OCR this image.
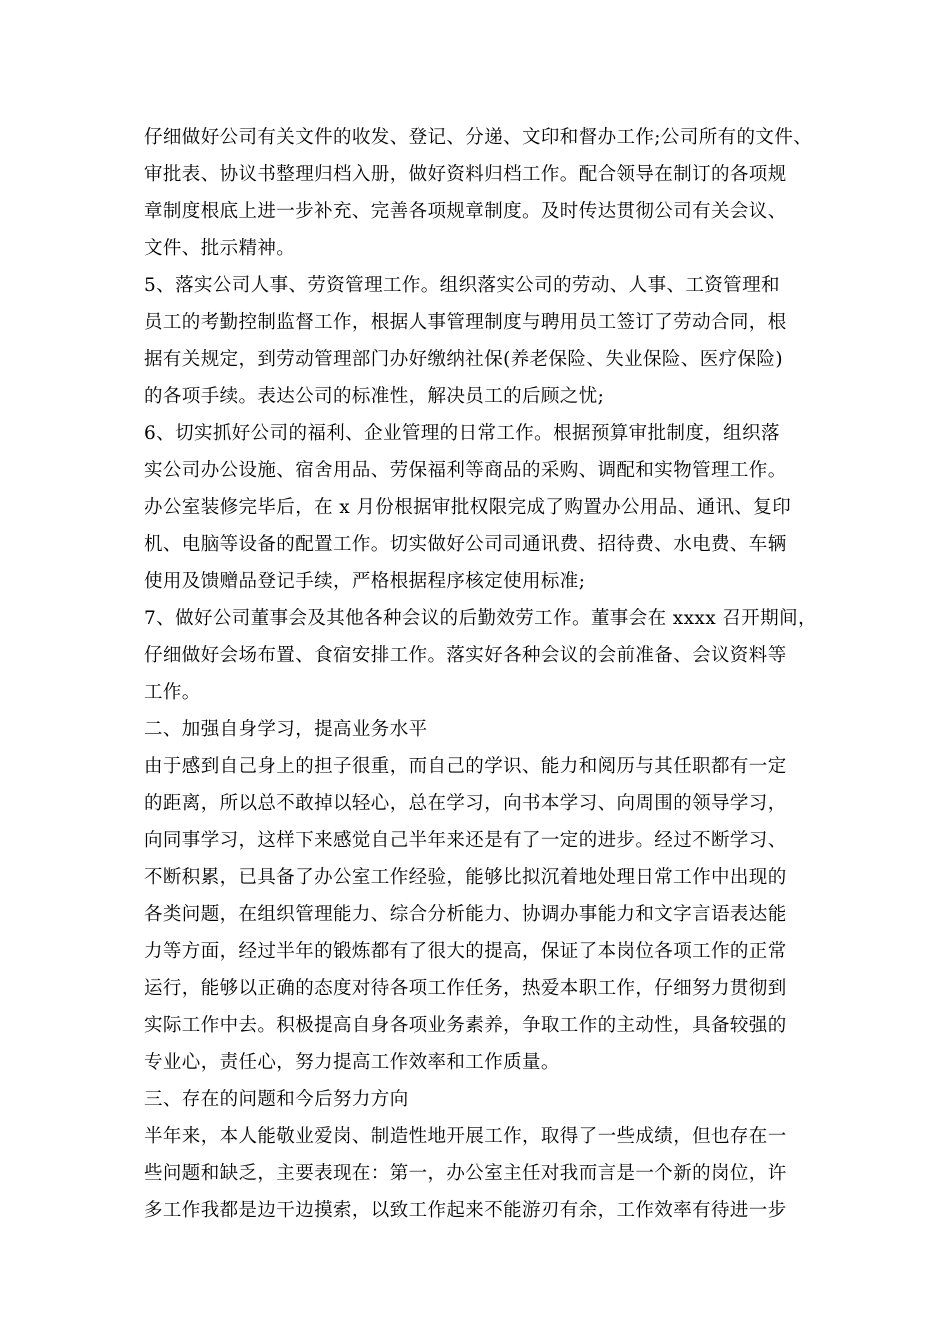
仔细做好公司有关文件的收发、登记、分递、文印和督办工作;公司所有的文件、
审批表、协议书整理归档入册，做好资料归档工作。配合领导在制订的各项规
章制度根底上进一步补充、完善各项规章制度。及时传达贯彻公司有关会议、
文件、批示精神。
5、落实公司人事、劳资管理工作。组织落实公司的劳动、人事、工资管理和
员工的考勤控制监督工作，根据人事管理制度与聘用员工签订了劳动合同，根
据有关规定，到劳动管理部门办好缴纳社保(养老保险、失业保险、医疗保险)
的各项手续。表达公司的标准性，解决员工的后顾之忧;
6、切实抓好公司的福利、企业管理的日常工作。根据预算审批制度，组织落
实公司办公设施、宿舍用品、劳保福利等商品的采购、调配和实物管理工作。
办公室装修完毕后，在 x 月份根据审批权限完成了购置办公用品、通讯、复印
机、电脑等设备的配置工作。切实做好公司司通讯费、招待费、水电费、车辆
使用及馈赠品登记手续，严格根据程序核定使用标准;
7、做好公司董事会及其他各种会议的后勤效劳工作。董事会在 xxxx 召开期间，
仔细做好会场布置、食宿安排工作。落实好各种会议的会前准备、会议资料等
工作。
二、加强自身学习，提高业务水平
由于感到自己身上的担子很重，而自己的学识、能力和阅历与其任职都有一定
的距离，所以总不敢掉以轻心，总在学习，向书本学习、向周围的领导学习，
向同事学习，这样下来感觉自己半年来还是有了一定的进步。经过不断学习、
不断积累，已具备了办公室工作经验，能够比拟沉着地处理日常工作中出现的
各类问题，在组织管理能力、综合分析能力、协调办事能力和文字言语表达能
力等方面，经过半年的锻炼都有了很大的提高，保证了本岗位各项工作的正常
运行，能够以正确的态度对待各项工作任务，热爱本职工作，仔细努力贯彻到
实际工作中去。积极提高自身各项业务素养，争取工作的主动性，具备较强的
专业心，责任心，努力提高工作效率和工作质量。
三、存在的问题和今后努力方向
半年来，本人能敬业爱岗、制造性地开展工作，取得了一些成绩，但也存在一
些问题和缺乏，主要表现在：第一，办公室主任对我而言是一个新的岗位，许
多工作我都是边干边摸索，以致工作起来不能游刃有余，工作效率有待进一步
